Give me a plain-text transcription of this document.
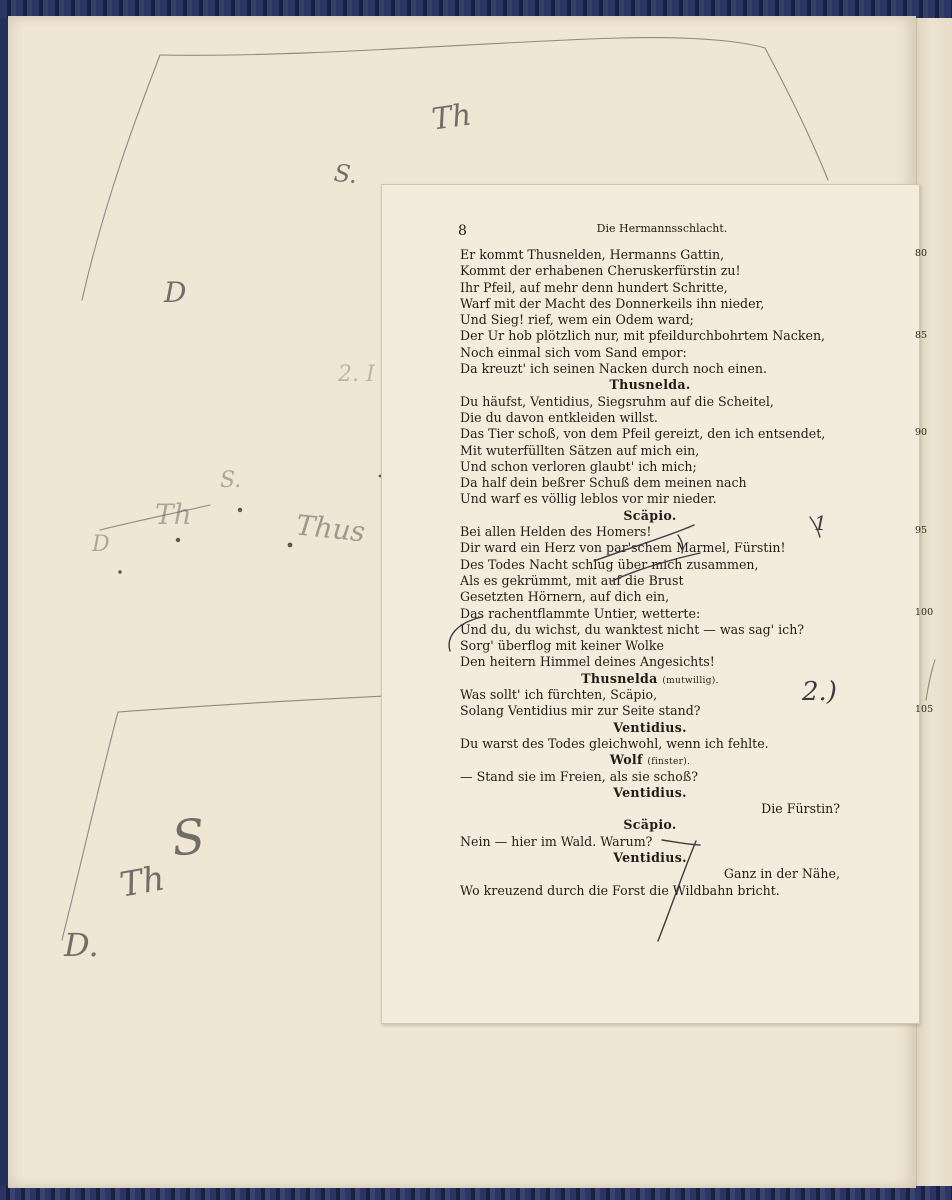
Th
S.
D
2. I
Th
S.
D	Thus
S
Th
D.
8	Die Hermannsschlacht.
80
85
90
95
100
105
Er kommt Thusnelden, Hermanns Gattin,
Kommt der erhabenen Cheruskerfürstin zu!
Ihr Pfeil, auf mehr denn hundert Schritte,
Warf mit der Macht des Donnerkeils ihn nieder,
Und Sieg! rief, wem ein Odem ward;
Der Ur hob plötzlich nur, mit pfeildurchbohrtem Nacken,
Noch einmal sich vom Sand empor:
Da kreuzt' ich seinen Nacken durch noch einen.
Thusnelda.
Du häufst, Ventidius, Siegsruhm auf die Scheitel,
Die du davon entkleiden willst.
Das Tier schoß, von dem Pfeil gereizt, den ich entsendet,
Mit wuterfüllten Sätzen auf mich ein,
Und schon verloren glaubt' ich mich;
Da half dein beßrer Schuß dem meinen nach
Und warf es völlig leblos vor mir nieder.
Scäpio.
Bei allen Helden des Homers!
Dir ward ein Herz von par'schem Marmel, Fürstin!
Des Todes Nacht schlug über mich zusammen,
Als es gekrümmt, mit auf die Brust
Gesetzten Hörnern, auf dich ein,
Das rachentflammte Untier, wetterte:
Und du, du wichst, du wanktest nicht — was sag' ich?
Sorg' überflog mit keiner Wolke
Den heitern Himmel deines Angesichts!
Thusnelda (mutwillig).
Was sollt' ich fürchten, Scäpio,
Solang Ventidius mir zur Seite stand?
Ventidius.
Du warst des Todes gleichwohl, wenn ich fehlte.
Wolf (finster).
— Stand sie im Freien, als sie schoß?
Ventidius.
Die Fürstin?
Scäpio.
Nein — hier im Wald. Warum?
Ventidius.
Ganz in der Nähe,
Wo kreuzend durch die Forst die Wildbahn bricht.
2.)
1
